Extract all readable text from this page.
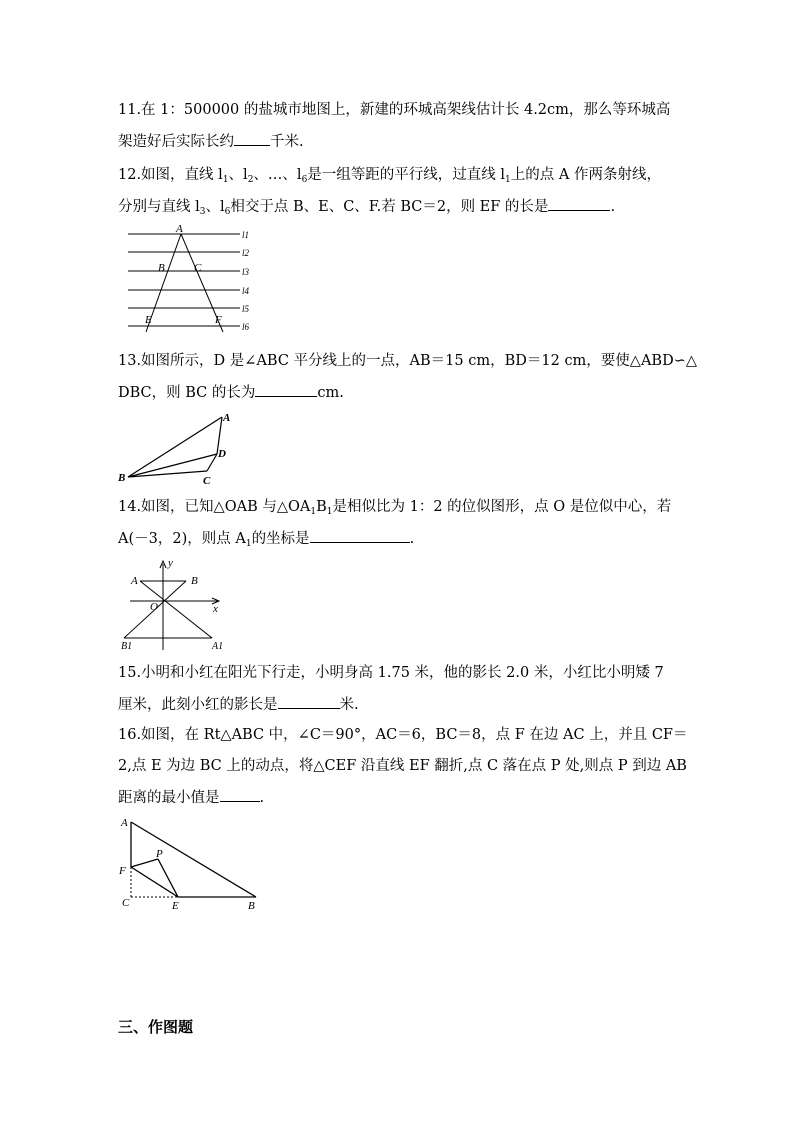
11.在 1：500000 的盐城市地图上，新建的环城高架线估计长 4.2cm，那么等环城高
架造好后实际长约 千米.
12.如图，直线 $l_1$、$l_2$、…、$l_6$是一组等距的平行线，过直线 $l_1$上的点 A 作两条射线，
分别与直线 $l_3$、$l_6$相交于点 B、E、C、F.若 BC＝2，则 EF 的长是	.
A
B	C
E	F
l1
l2
l3
l4
l5
l6
13.如图所示，D 是∠ABC 平分线上的一点，AB＝15 cm，BD＝12 cm，要使△ABD∽△
DBC，则 BC 的长为	cm.
A
B	C
D
14.如图，已知△OAB 与$\triangle OA_1B_1$是相似比为 1：2 的位似图形，点 O 是位似中心，若
A(－3，2)，则点 $A_1$的坐标是	.
y
x
A	B
O
B1	A1
15.小明和小红在阳光下行走，小明身高 1.75 米，他的影长 2.0 米，小红比小明矮 7
厘米，此刻小红的影长是	米.
16.如图，在 Rt△ABC 中，∠C＝90°，AC＝6，BC＝8，点 F 在边 AC 上，并且 CF＝
2,点 E 为边 BC 上的动点，将△CEF 沿直线 EF 翻折,点 C 落在点 P 处,则点 P 到边 AB
距离的最小值是	.
A
F
C
P
E	B
三、作图题
